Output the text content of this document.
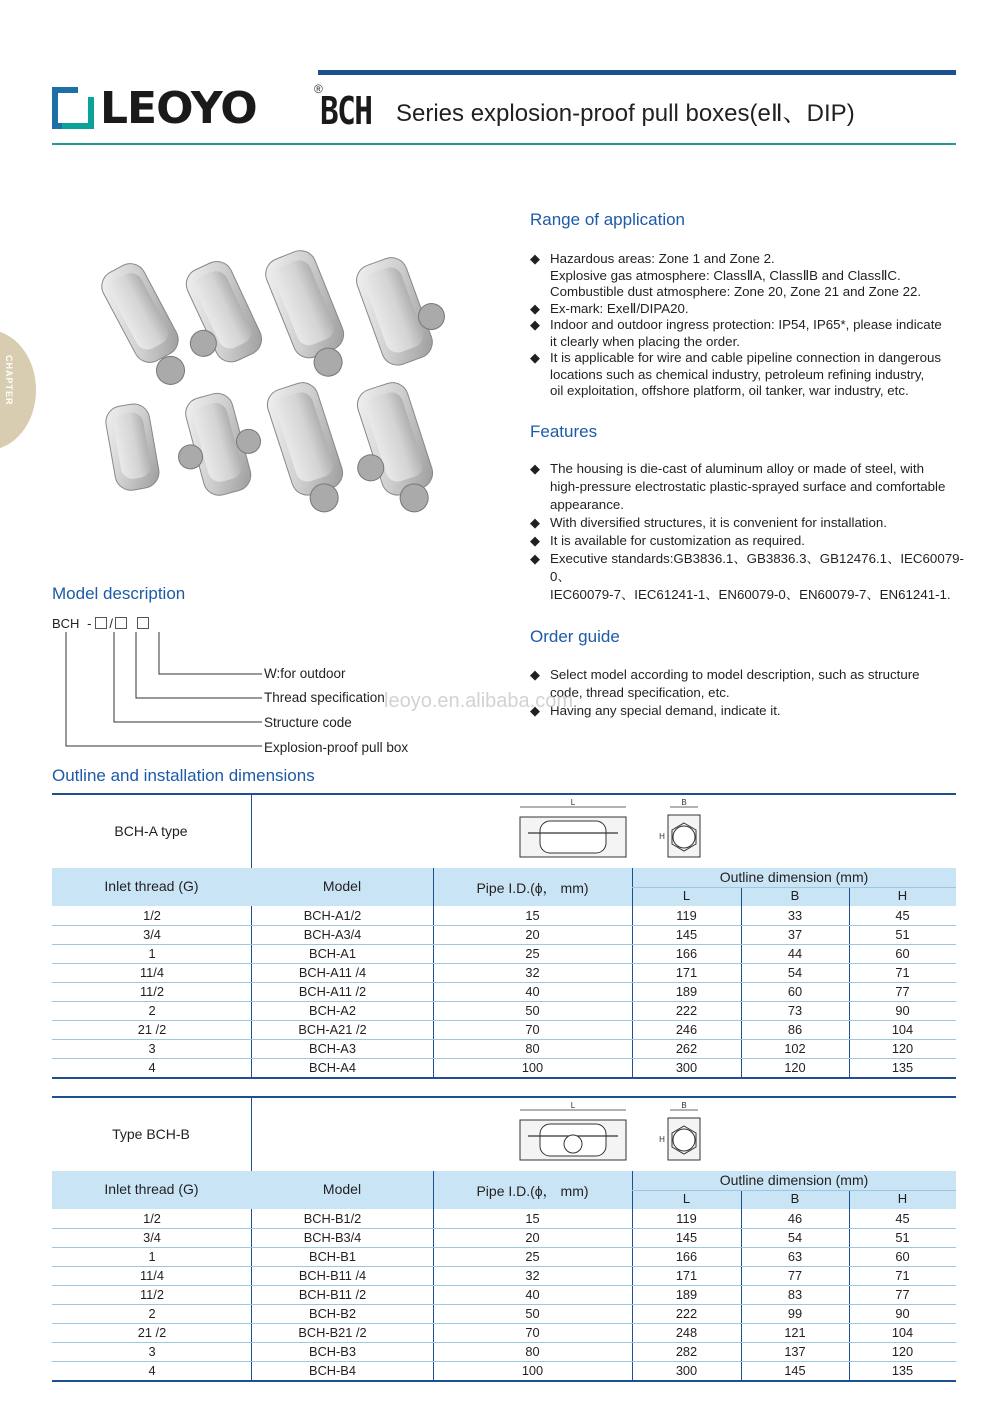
LEOYO	®
BCH Series explosion-proof pull boxes(eⅡ、DIP)
CHAPTER
Range of application
◆ Hazardous areas: Zone 1 and Zone 2.
Explosive gas atmosphere: ClassⅡA, ClassⅡB and ClassⅡC.
Combustible dust atmosphere: Zone 20, Zone 21 and Zone 22.
◆ Ex-mark: ExeⅡ/DIPA20.
◆ Indoor and outdoor ingress protection: IP54, IP65*, please indicate
it clearly when placing the order.
◆ It is applicable for wire and cable pipeline connection in dangerous
locations such as chemical industry, petroleum refining industry,
oil exploitation, offshore platform, oil tanker, war industry, etc.
Features
◆ The housing is die-cast of aluminum alloy or made of steel, with
high-pressure electrostatic plastic-sprayed surface and comfortable
appearance.
◆ With diversified structures, it is convenient for installation.
◆ It is available for customization as required.
◆ Executive standards:GB3836.1、GB3836.3、GB12476.1、IEC60079-0、
IEC60079-7、IEC61241-1、EN60079-0、EN60079-7、EN61241-1.
Order guide
◆ Select model according to model description, such as structure
code, thread specification, etc.
◆ Having any special demand, indicate it.
Model description
BCH - /
W:for outdoor
Thread specification
Structure code
Explosion-proof pull box
leoyo.en.alibaba.com
Outline and installation dimensions
BCH-A type
L	B
H
Inlet thread (G)	Model	Pipe I.D.(ϕ， mm)
Outline dimension (mm)
L	B	H
1/2	BCH-A1/2	15	119	33	45
3/4	BCH-A3/4	20	145	37	51
1	BCH-A1	25	166	44	60
11/4	BCH-A11 /4	32	171	54	71
11/2	BCH-A11 /2	40	189	60	77
2	BCH-A2	50	222	73	90
21 /2	BCH-A21 /2	70	246	86	104
3	BCH-A3	80	262	102	120
4	BCH-A4	100	300	120	135
Type BCH-B
L	B
H
Inlet thread (G)	Model	Pipe I.D.(ϕ， mm)
Outline dimension (mm)
L	B	H
1/2	BCH-B1/2	15	119	46	45
3/4	BCH-B3/4	20	145	54	51
1	BCH-B1	25	166	63	60
11/4	BCH-B11 /4	32	171	77	71
11/2	BCH-B11 /2	40	189	83	77
2	BCH-B2	50	222	99	90
21 /2	BCH-B21 /2	70	248	121	104
3	BCH-B3	80	282	137	120
4	BCH-B4	100	300	145	135
